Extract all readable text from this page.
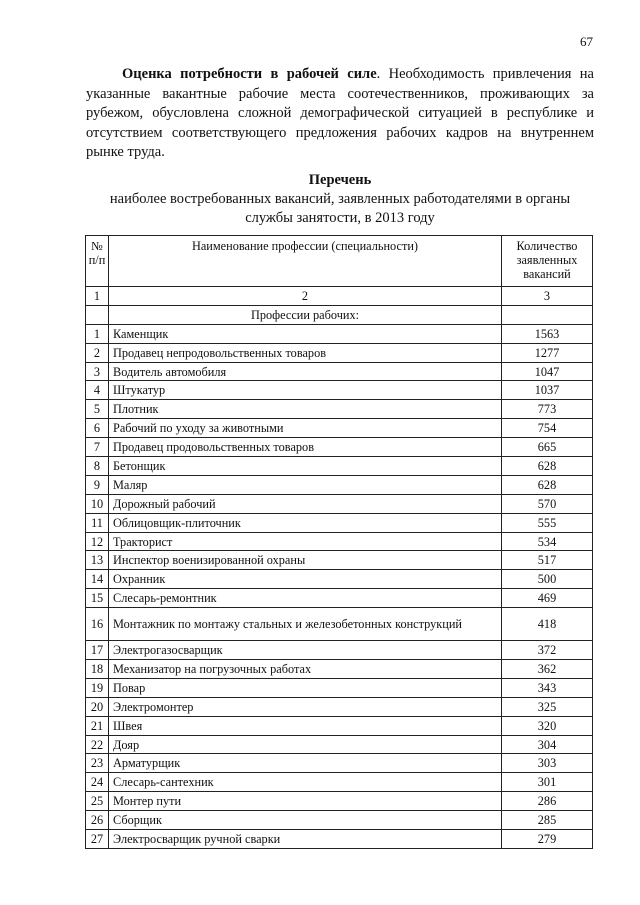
67

Оценка потребности в рабочей силе. Необходимость привлечения на указанные вакантные рабочие места соотечественников, проживающих за рубежом, обусловлена сложной демографической ситуацией в республике и отсутствием соответствующего предложения рабочих кадров на внутреннем рынке труда.

Перечень
наиболее востребованных вакансий, заявленных работодателями в органы службы занятости, в 2013 году
№ п/п	Наименование профессии (специальности)	Количество заявленных вакансий
1	2	3
	Профессии рабочих:	
1	Каменщик	1563
2	Продавец непродовольственных товаров	1277
3	Водитель автомобиля	1047
4	Штукатур	1037
5	Плотник	773
6	Рабочий по уходу за животными	754
7	Продавец продовольственных товаров	665
8	Бетонщик	628
9	Маляр	628
10	Дорожный рабочий	570
11	Облицовщик-плиточник	555
12	Тракторист	534
13	Инспектор военизированной охраны	517
14	Охранник	500
15	Слесарь-ремонтник	469
16	Монтажник по монтажу стальных и железобетонных конструкций	418
17	Электрогазосварщик	372
18	Механизатор на погрузочных работах	362
19	Повар	343
20	Электромонтер	325
21	Швея	320
22	Дояр	304
23	Арматурщик	303
24	Слесарь-сантехник	301
25	Монтер пути	286
26	Сборщик	285
27	Электросварщик ручной сварки	279
